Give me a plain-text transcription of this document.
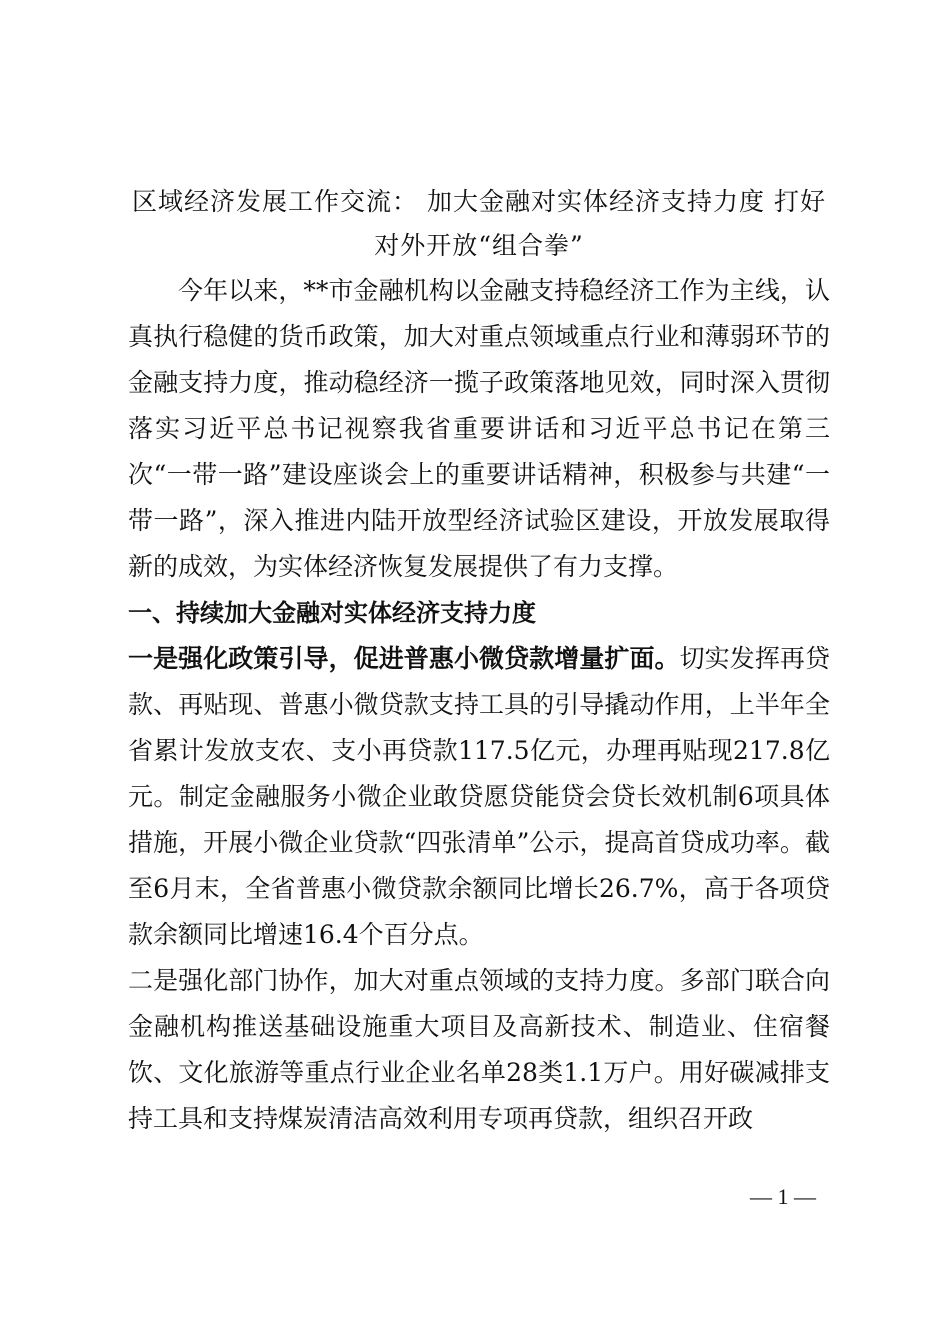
区域经济发展工作交流： 加大金融对实体经济支持力度 打好对外开放“组合拳”

今年以来，**市金融机构以金融支持稳经济工作为主线，认真执行稳健的货币政策，加大对重点领域重点行业和薄弱环节的金融支持力度，推动稳经济一揽子政策落地见效，同时深入贯彻落实习近平总书记视察我省重要讲话和习近平总书记在第三次“一带一路”建设座谈会上的重要讲话精神，积极参与共建“一带一路”，深入推进内陆开放型经济试验区建设，开放发展取得新的成效，为实体经济恢复发展提供了有力支撑。

一、持续加大金融对实体经济支持力度

一是强化政策引导，促进普惠小微贷款增量扩面。切实发挥再贷款、再贴现、普惠小微贷款支持工具的引导撬动作用，上半年全省累计发放支农、支小再贷款117.5亿元，办理再贴现217.8亿元。制定金融服务小微企业敢贷愿贷能贷会贷长效机制6项具体措施，开展小微企业贷款“四张清单”公示，提高首贷成功率。截至6月末，全省普惠小微贷款余额同比增长26.7%，高于各项贷款余额同比增速16.4个百分点。

二是强化部门协作，加大对重点领域的支持力度。多部门联合向金融机构推送基础设施重大项目及高新技术、制造业、住宿餐饮、文化旅游等重点行业企业名单28类1.1万户。用好碳减排支持工具和支持煤炭清洁高效利用专项再贷款，组织召开政

— 1 —
